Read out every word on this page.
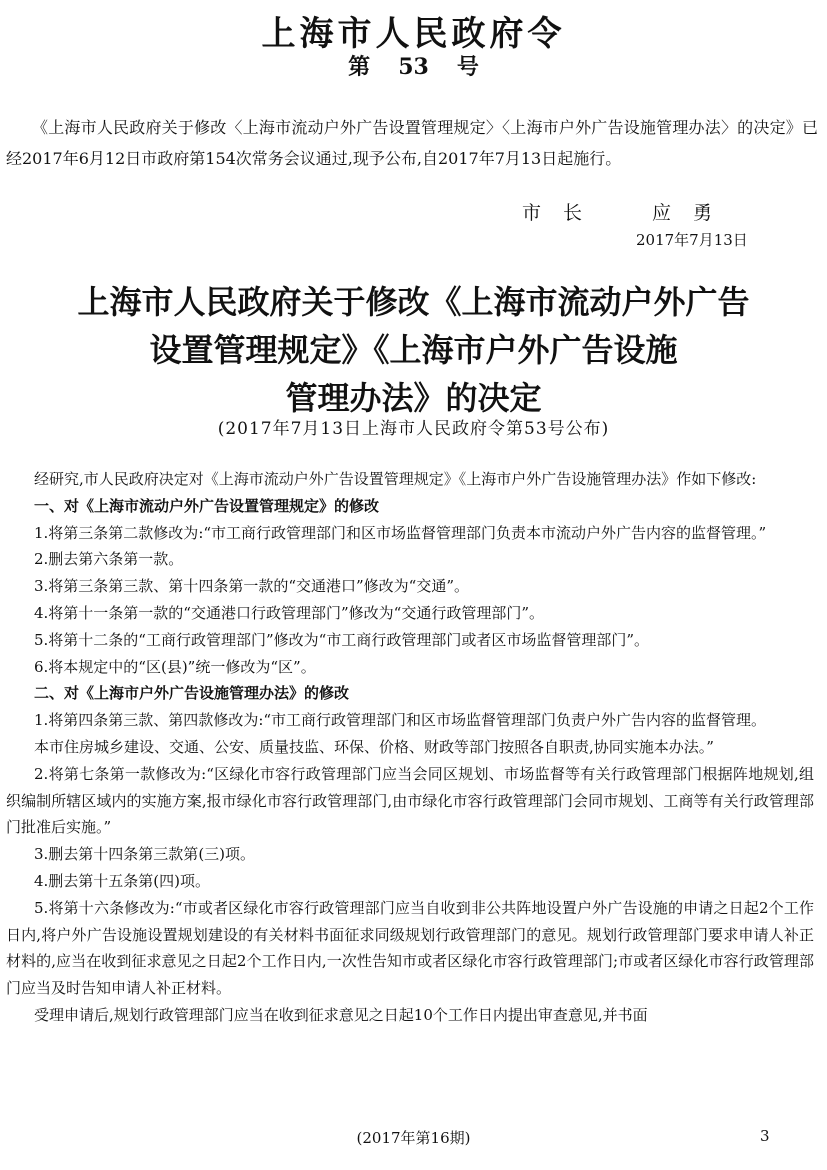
上海市人民政府令
第 53 号
《上海市人民政府关于修改〈上海市流动户外广告设置管理规定〉〈上海市户外广告设施管理办法〉的决定》已经2017年6月12日市政府第154次常务会议通过,现予公布,自2017年7月13日起施行。
市长	应勇
2017年7月13日
上海市人民政府关于修改《上海市流动户外广告
设置管理规定》《上海市户外广告设施
管理办法》的决定
(2017年7月13日上海市人民政府令第53号公布)

经研究,市人民政府决定对《上海市流动户外广告设置管理规定》《上海市户外广告设施管理办法》作如下修改:

一、对《上海市流动户外广告设置管理规定》的修改

1.将第三条第二款修改为:“市工商行政管理部门和区市场监督管理部门负责本市流动户外广告内容的监督管理。”

2.删去第六条第一款。

3.将第三条第三款、第十四条第一款的“交通港口”修改为“交通”。

4.将第十一条第一款的“交通港口行政管理部门”修改为“交通行政管理部门”。

5.将第十二条的“工商行政管理部门”修改为“市工商行政管理部门或者区市场监督管理部门”。

6.将本规定中的“区(县)”统一修改为“区”。

二、对《上海市户外广告设施管理办法》的修改

1.将第四条第三款、第四款修改为:“市工商行政管理部门和区市场监督管理部门负责户外广告内容的监督管理。

本市住房城乡建设、交通、公安、质量技监、环保、价格、财政等部门按照各自职责,协同实施本办法。”

2.将第七条第一款修改为:“区绿化市容行政管理部门应当会同区规划、市场监督等有关行政管理部门根据阵地规划,组织编制所辖区域内的实施方案,报市绿化市容行政管理部门,由市绿化市容行政管理部门会同市规划、工商等有关行政管理部门批准后实施。”

3.删去第十四条第三款第(三)项。

4.删去第十五条第(四)项。

5.将第十六条修改为:“市或者区绿化市容行政管理部门应当自收到非公共阵地设置户外广告设施的申请之日起2个工作日内,将户外广告设施设置规划建设的有关材料书面征求同级规划行政管理部门的意见。规划行政管理部门要求申请人补正材料的,应当在收到征求意见之日起2个工作日内,一次性告知市或者区绿化市容行政管理部门;市或者区绿化市容行政管理部门应当及时告知申请人补正材料。

受理申请后,规划行政管理部门应当在收到征求意见之日起10个工作日内提出审查意见,并书面

(2017年第16期)	3
